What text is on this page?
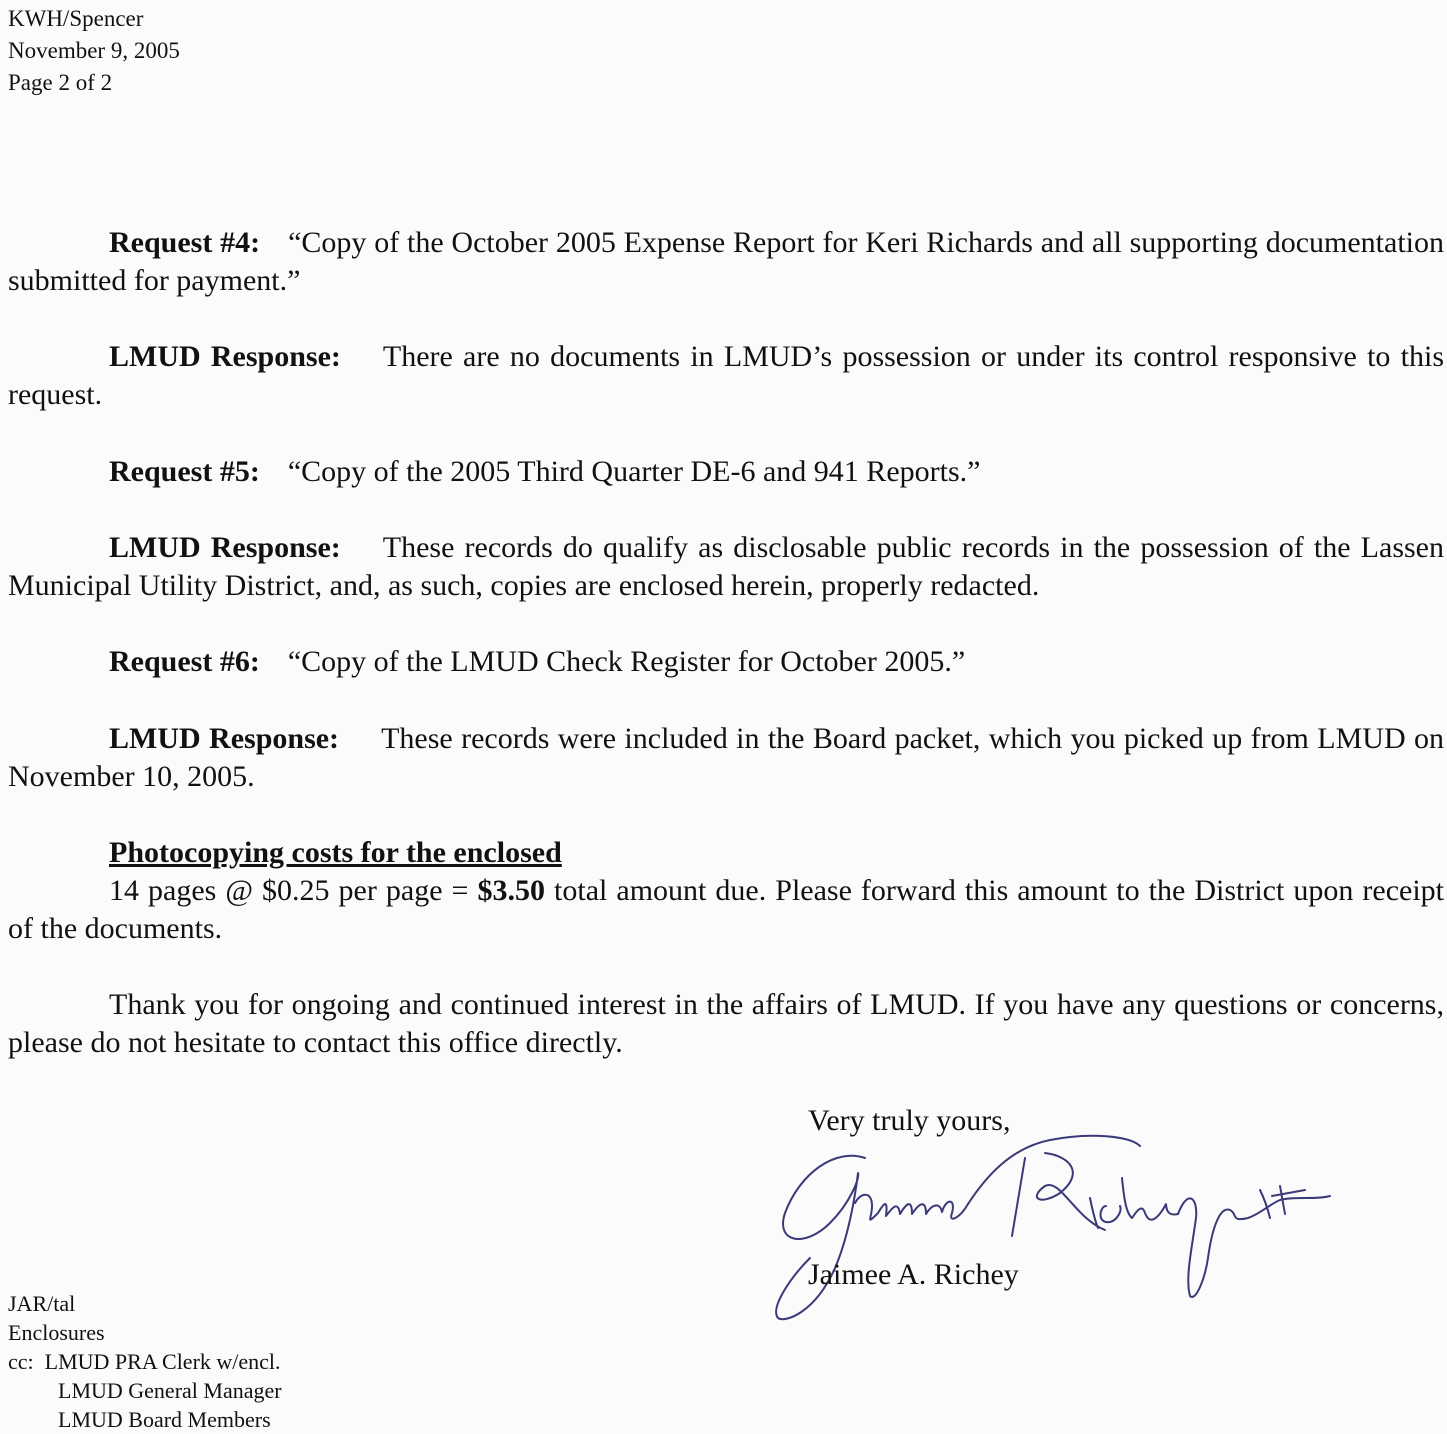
KWH/Spencer
November 9, 2005
Page 2 of 2
Request #4: “Copy of the October 2005 Expense Report for Keri Richards and all supporting documentation submitted for payment.”
LMUD Response: There are no documents in LMUD’s possession or under its control responsive to this request.
Request #5: “Copy of the 2005 Third Quarter DE-6 and 941 Reports.”
LMUD Response: These records do qualify as disclosable public records in the possession of the Lassen Municipal Utility District, and, as such, copies are enclosed herein, properly redacted.
Request #6: “Copy of the LMUD Check Register for October 2005.”
LMUD Response: These records were included in the Board packet, which you picked up from LMUD on November 10, 2005.
Photocopying costs for the enclosed
14 pages @ $0.25 per page = $3.50 total amount due. Please forward this amount to the District upon receipt of the documents.
Thank you for ongoing and continued interest in the affairs of LMUD. If you have any questions or concerns, please do not hesitate to contact this office directly.
Very truly yours,
Jaimee A. Richey
JAR/tal
Enclosures
cc:  LMUD PRA Clerk w/encl.
LMUD General Manager
LMUD Board Members
